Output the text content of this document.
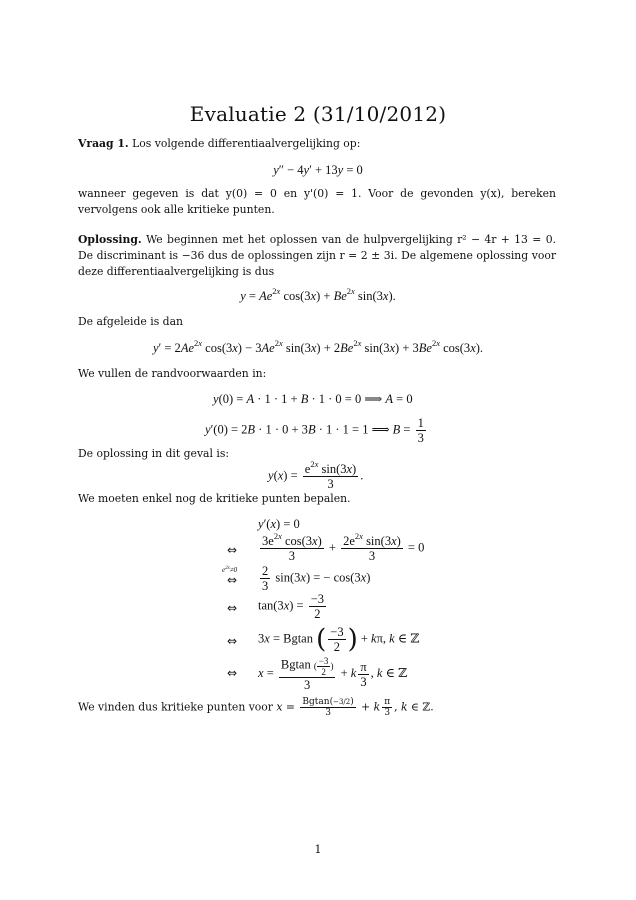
Evaluatie 2 (31/10/2012)
Vraag 1. Los volgende differentiaalvergelijking op:
y″ − 4y′ + 13y = 0
wanneer gegeven is dat y(0) = 0 en y'(0) = 1. Voor de gevonden y(x), bereken vervolgens ook alle kritieke punten.
Oplossing. We beginnen met het oplossen van de hulpvergelijking r² − 4r + 13 = 0. De discriminant is −36 dus de oplossingen zijn r = 2 ± 3i. De algemene oplossing voor deze differentiaalvergelijking is dus
$y = Ae^{2x}$ $\cos(3x) + Be^{2x}$ sin(3x).
De afgeleide is dan
$y' = 2Ae^{2x}$ $\cos(3x) - 3Ae^{2x}$ $\sin(3x) + 2Be^{2x}$ $\sin(3x) + 3Be^{2x}$ cos(3x).
We vullen de randvoorwaarden in:
y(0) = A · 1 · 1 + B · 1 · 0 = 0 ⟹ A = 0
y′(0) = 2B · 1 · 0 + 3B · 1 · 1 = 1 ⟹ $B = \frac{1}{3}$
De oplossing in dit geval is:
$y(x) = \frac{e^{2x} \sin(3x)}{3}$ .
We moeten enkel nog de kritieke punten bepalen.
y′(x) = 0
⇔ $\frac{3e^{2x} \cos(3x)}{3} + \frac{2e^{2x} \sin(3x)}{3} = 0$
$e^{2x}\ne 0$
⇔ $\frac{2}{3} \sin(3x)$ = − cos(3x)
⇔ $\tan(3x) = \frac{-3}{2}$
⇔ 3x = Bgtan ( $\frac{-3}{2}$ ) + kπ, k ∈ ℤ
⇔ $x = \frac{Bgtan ( \frac{-3}{2} )}{3} + k \frac{\pi}{3}$ , k ∈ ℤ
We vinden dus kritieke punten voor $x = \frac{Bgtan(-3/2)}{3} + k \frac{\pi}{3}$ , k ∈ ℤ.
1
